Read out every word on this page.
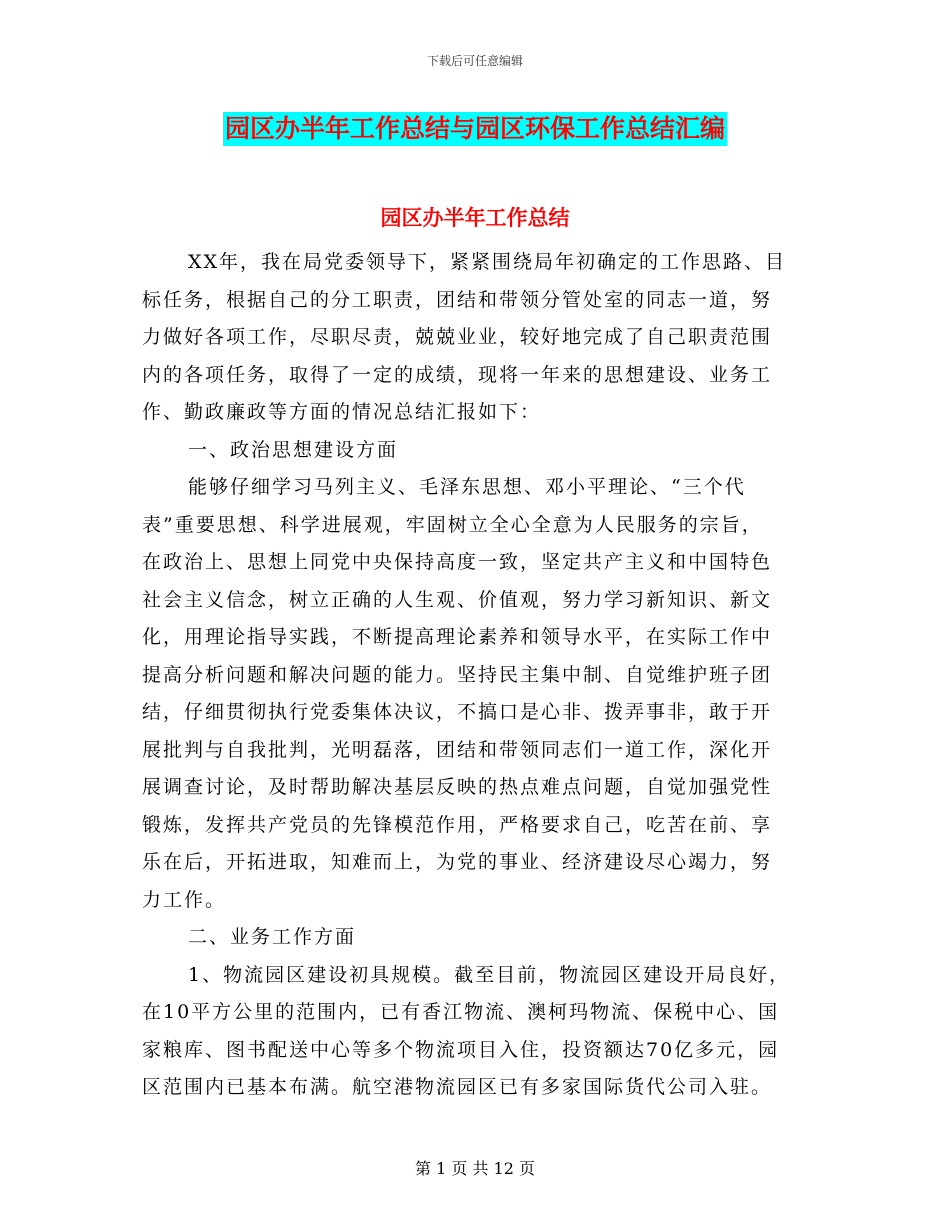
下载后可任意编辑
园区办半年工作总结与园区环保工作总结汇编
园区办半年工作总结
XX年，我在局党委领导下，紧紧围绕局年初确定的工作思路、目
标任务，根据自己的分工职责，团结和带领分管处室的同志一道，努
力做好各项工作，尽职尽责，兢兢业业，较好地完成了自己职责范围
内的各项任务，取得了一定的成绩，现将一年来的思想建设、业务工
作、勤政廉政等方面的情况总结汇报如下：
一、政治思想建设方面
能够仔细学习马列主义、毛泽东思想、邓小平理论、“三个代
表”重要思想、科学进展观，牢固树立全心全意为人民服务的宗旨，
在政治上、思想上同党中央保持高度一致，坚定共产主义和中国特色
社会主义信念，树立正确的人生观、价值观，努力学习新知识、新文
化，用理论指导实践，不断提高理论素养和领导水平，在实际工作中
提高分析问题和解决问题的能力。坚持民主集中制、自觉维护班子团
结，仔细贯彻执行党委集体决议，不搞口是心非、拨弄事非，敢于开
展批判与自我批判，光明磊落，团结和带领同志们一道工作，深化开
展调查讨论，及时帮助解决基层反映的热点难点问题，自觉加强党性
锻炼，发挥共产党员的先锋模范作用，严格要求自己，吃苦在前、享
乐在后，开拓进取，知难而上，为党的事业、经济建设尽心竭力，努
力工作。
二、业务工作方面
1、物流园区建设初具规模。截至目前，物流园区建设开局良好，
在10平方公里的范围内，已有香江物流、澳柯玛物流、保税中心、国
家粮库、图书配送中心等多个物流项目入住，投资额达70亿多元，园
区范围内已基本布满。航空港物流园区已有多家国际货代公司入驻。
第 1 页 共 12 页
